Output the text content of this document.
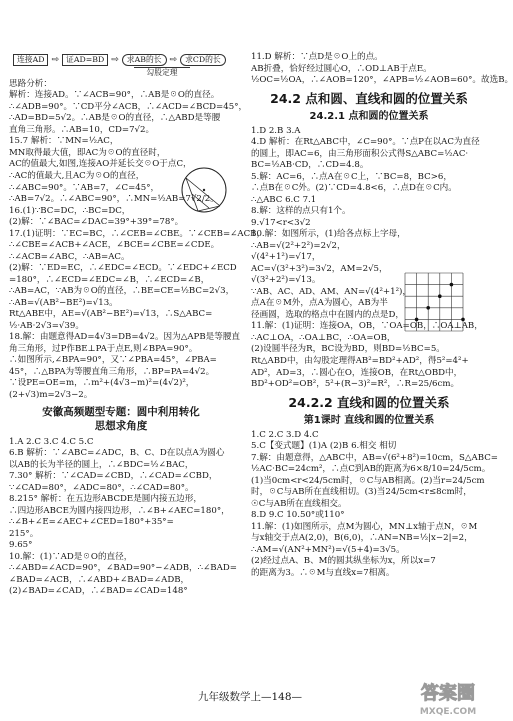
连接AD ⇨ 证AD=BD ⇨	求AB的长 ⇨	求CD的长
勾股定理

思路分析：

解析：连接AD。∵∠ACB=90°，∴AB是☉O的直径。

∴∠ADB=90°。∵CD平分∠ACB，∴∠ACD=∠BCD=45°，

∴AD=BD=5√2。∴AB是☉O的直径，∴△ABD是等腰

直角三角形。∴AB=10，CD=7√2。

15.7 解析：∵MN=½AC，

MN取得最大值，即AC为☉O的直径时，

AC的值最大,如图,连接AO并延长交☉O于点C，

∴AC的值最大,且AC为☉O的直径，

∴∠ABC=90°。∵AB=7，∠C=45°，

∴AB=7√2。∴∠ABC=90°，∴MN=½AB=7√2/2。

16.(1)∵BC=DC，∴BC=DC，

(2)解：∵∠BAC=∠DAC=39°+39°=78°。

17.(1)证明：∵EC=BC，∴∠CEB=∠CBE。∵∠CEB=∠ACB，

∴∠CBE=∠ACB+∠ACE，∠BCE=∠CBE=∠CDE。

∴∠ACB=∠ABC，∴AB=AC。

(2)解：∵ED=EC，∴∠EDC=∠ECD。∵∠EDC+∠ECD

=180°，∴∠ECD=∠EDC=∠B，∴∠ECD=∠B，

∴AB=AC，∵AB为☉O的直径，∴BE=CE=½BC=2√3，

∴AB=√(AB²−BE²)=√13。

Rt△ABE中，AE=√(AB²−BE²)=√13，∴S△ABC=

½·AB·2√3=√39。

18.解：由题意得AD=4√3=DB=4√2。因为△APB是等腰直

角三角形，过P作BE⊥PA于点E,则∠BPA=90°。

∴如图所示,∠BPA=90°，又∵∠PBA=45°，∠PBA=

45°，∴△BPA为等腰直角三角形，∴BP=PA=4√2。

∵设PE=OE=m，∴m²+(4√3−m)²=(4√2)²，

(2+√3)m=2√3−2。

安徽高频题型专题：圆中利用转化
思想求角度

1.A 2.C 3.C 4.C 5.C

6.B 解析：∵∠ABC=∠ADC，B、C、D在以点A为圆心

以AB的长为半径的圆上，∴∠BDC=½∠BAC，

7.30° 解析：∵∠CAD=∠CBD，∴∠CAD=∠CBD，

∵∠CAD=80°，∠ADC=80°，∴∠CAD=80°。

8.215° 解析：在五边形ABCDE是圆内接五边形，

∴四边形ABCE为圆内接四边形，∴∠B+∠AEC=180°，

∴∠B+∠E=∠AEC+∠CED=180°+35°=

215°。

9.65°

10.解：(1)∵AD是☉O的直径，

∴∠ABD=∠ACD=90°，∠BAD=90°−∠ADB，∴∠BAD=

∠BAD=∠ACB，∴∠ABD+∠BAD=∠ADB，

(2)∠BAD=∠CAD，∴∠BAD=∠CAD=148°

11.D 解析：∵点D是☉O上的点。

AB折叠，恰好经过圆心O，∴OD⊥AB于点E。

½OC=½OA，∴∠AOB=120°，∠APB=½∠AOB=60°。故选B。

24.2 点和圆、直线和圆的位置关系
24.2.1 点和圆的位置关系

1.D 2.B 3.A

4.D 解析：在Rt△ABC中，∠C=90°。∵点P在以AC为直径

的圆上，即AC=6，由三角形面积公式得S△ABC=½AC·

BC=½AB·CD，∴CD=4.8。

5.解：AC=6，∴点A在☉C上，∵BC=8，BC>6，

∴点B在☉C外。(2)∵CD=4.8<6，∴点D在☉C内。

∴△ABC 6.C 7.1

8.解：这样的点只有1个。

9.√17<r<3√2

10.解：如图所示，(1)给各点标上字母，

∴AB=√(2²+2²)=2√2，

√(4²+1²)=√17，

AC=√(3²+3²)=3√2，AM=2√5，

√(3²+2²)=√13。

∵AB、AC、AD、AM、AN=√(4²+1²)，

点A在☉M外，点A为圆心，AB为半

径画圆，选取的格点中在圆内的点是D，

11.解：(1)证明：连接OA，OB，∵OA=OB，∴OA⊥AB，

∴AC⊥OA，∴OA⊥BC，∴OA=OB，

(2)设圆半径为R，BC设为BD，则BD=½BC=5。

Rt△ABD中，由勾股定理得AB²=BD²+AD²，得5²=4²+

AD²，AD=3，∴圆心在O，连接OB，在Rt△OBD中，

BD²+OD²=OB²，5²+(R−3)²=R²，∴R=25/6cm。

24.2.2 直线和圆的位置关系
第1课时 直线和圆的位置关系

1.C 2.C 3.D 4.C

5.C【变式题】(1)A (2)B 6.相交 相切

7.解：由题意得，△ABC中，AB=√(6²+8²)=10cm，S△ABC=

½AC·BC=24cm²，∴点C到AB的距离为6×8/10=24/5cm。

(1)当0cm<r<24/5cm时，☉C与AB相离。(2)当r=24/5cm

时，☉C与AB所在直线相切。(3)当24/5cm<r≤8cm时，

☉C与AB所在直线相交。

8.D 9.C 10.50°或110°

11.解：(1)如图所示，点M为圆心，MN⊥x轴于点N，☉M

与x轴交于点A(2,0)，B(6,0)，∴AN=NB=½|x−2|=2，

∴AM=√(AN²+MN²)=√(5+4)=3√5。

(2)经过点A、B、M的圆其纵坐标为x，所以x=7

的距离为3。∴☉M与直线x=7相离。

九年级数学上—148—	答案圈
MXQE.COM
